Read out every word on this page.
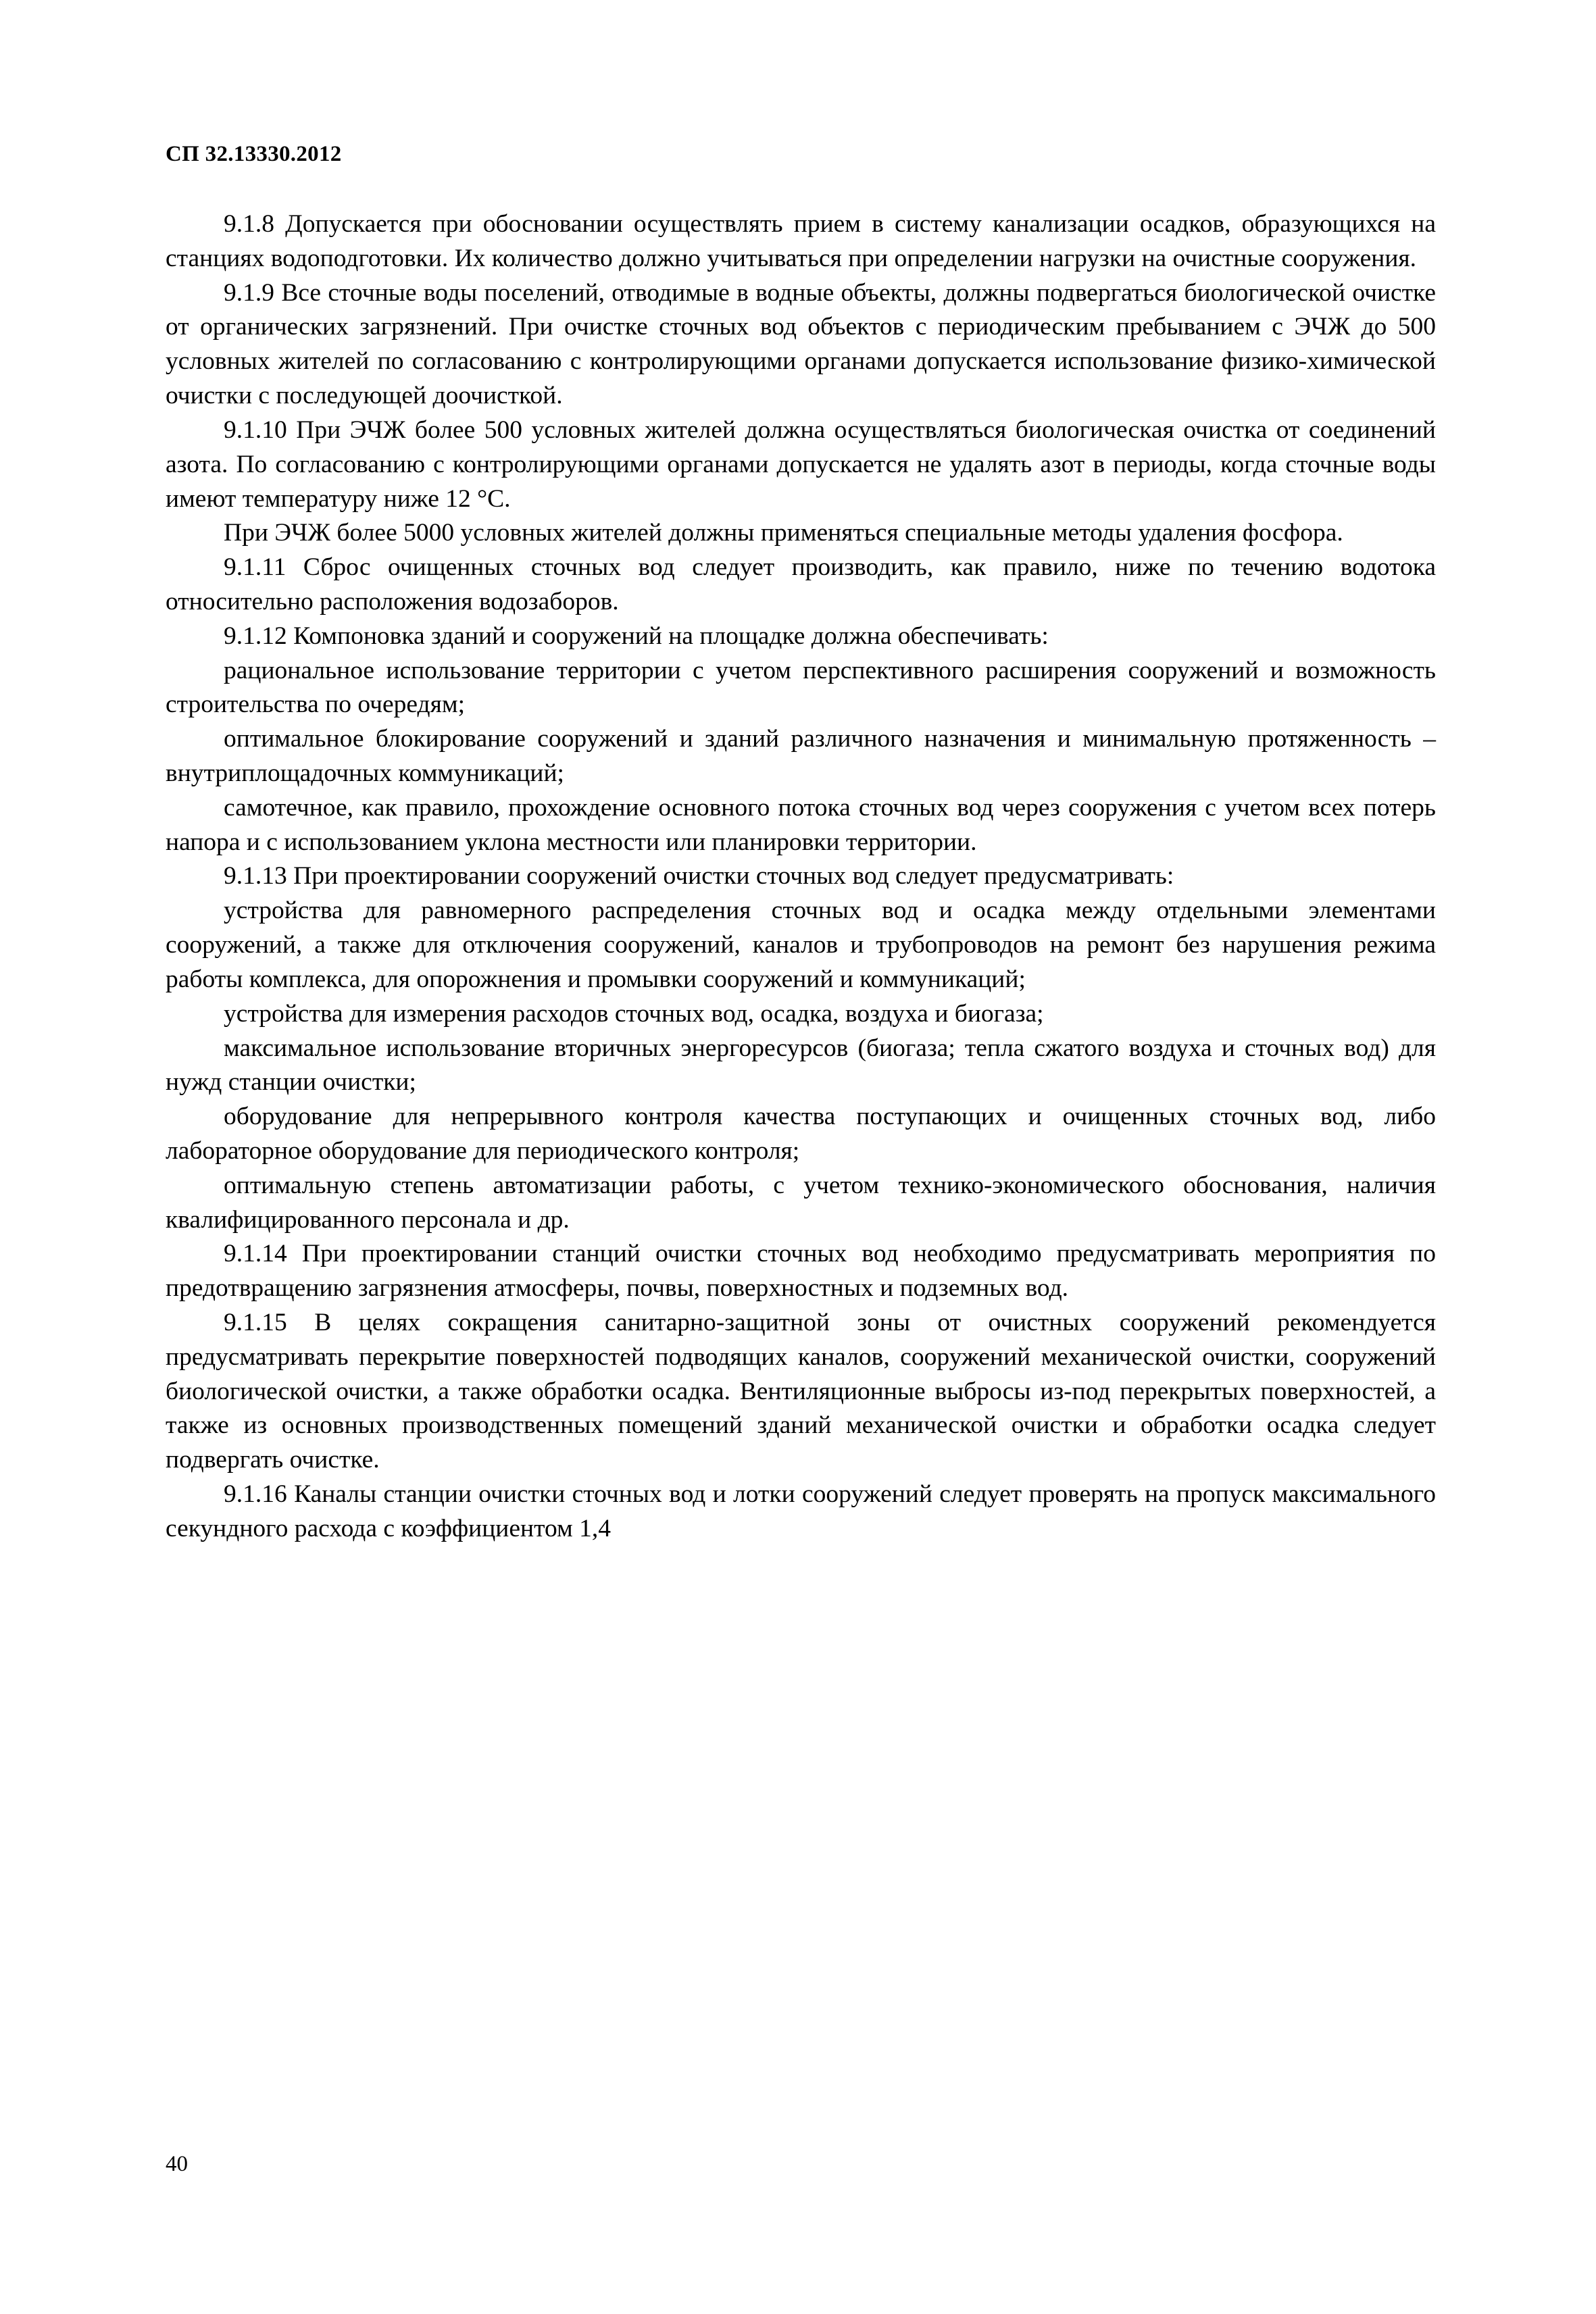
СП 32.13330.2012

9.1.8 Допускается при обосновании осуществлять прием в систему канализации осадков, образующихся на станциях водоподготовки. Их количество должно учитываться при определении нагрузки на очистные сооружения.

9.1.9 Все сточные воды поселений, отводимые в водные объекты, должны подвергаться биологической очистке от органических загрязнений. При очистке сточных вод объектов с периодическим пребыванием с ЭЧЖ до 500 условных жителей по согласованию с контролирующими органами допускается использование физико-химической очистки с последующей доочисткой.

9.1.10 При ЭЧЖ более 500 условных жителей должна осуществляться биологическая очистка от соединений азота. По согласованию с контролирующими органами допускается не удалять азот в периоды, когда сточные воды имеют температуру ниже 12 °С.

При ЭЧЖ более 5000 условных жителей должны применяться специальные методы удаления фосфора.

9.1.11 Сброс очищенных сточных вод следует производить, как правило, ниже по течению водотока относительно расположения водозаборов.

9.1.12 Компоновка зданий и сооружений на площадке должна обеспечивать:

рациональное использование территории с учетом перспективного расширения сооружений и возможность строительства по очередям;

оптимальное блокирование сооружений и зданий различного назначения и минимальную протяженность – внутриплощадочных коммуникаций;

самотечное, как правило, прохождение основного потока сточных вод через сооружения с учетом всех потерь напора и с использованием уклона местности или планировки территории.

9.1.13 При проектировании сооружений очистки сточных вод следует предусматривать:

устройства для равномерного распределения сточных вод и осадка между отдельными элементами сооружений, а также для отключения сооружений, каналов и трубопроводов на ремонт без нарушения режима работы комплекса, для опорожнения и промывки сооружений и коммуникаций;

устройства для измерения расходов сточных вод, осадка, воздуха и биогаза;

максимальное использование вторичных энергоресурсов (биогаза; тепла сжатого воздуха и сточных вод) для нужд станции очистки;

оборудование для непрерывного контроля качества поступающих и очищенных сточных вод, либо лабораторное оборудование для периодического контроля;

оптимальную степень автоматизации работы, с учетом технико-экономического обоснования, наличия квалифицированного персонала и др.

9.1.14 При проектировании станций очистки сточных вод необходимо предусматривать мероприятия по предотвращению загрязнения атмосферы, почвы, поверхностных и подземных вод.

9.1.15 В целях сокращения санитарно-защитной зоны от очистных сооружений рекомендуется предусматривать перекрытие поверхностей подводящих каналов, сооружений механической очистки, сооружений биологической очистки, а также обработки осадка. Вентиляционные выбросы из-под перекрытых поверхностей, а также из основных производственных помещений зданий механической очистки и обработки осадка следует подвергать очистке.

9.1.16 Каналы станции очистки сточных вод и лотки сооружений следует проверять на пропуск максимального секундного расхода с коэффициентом 1,4

40
